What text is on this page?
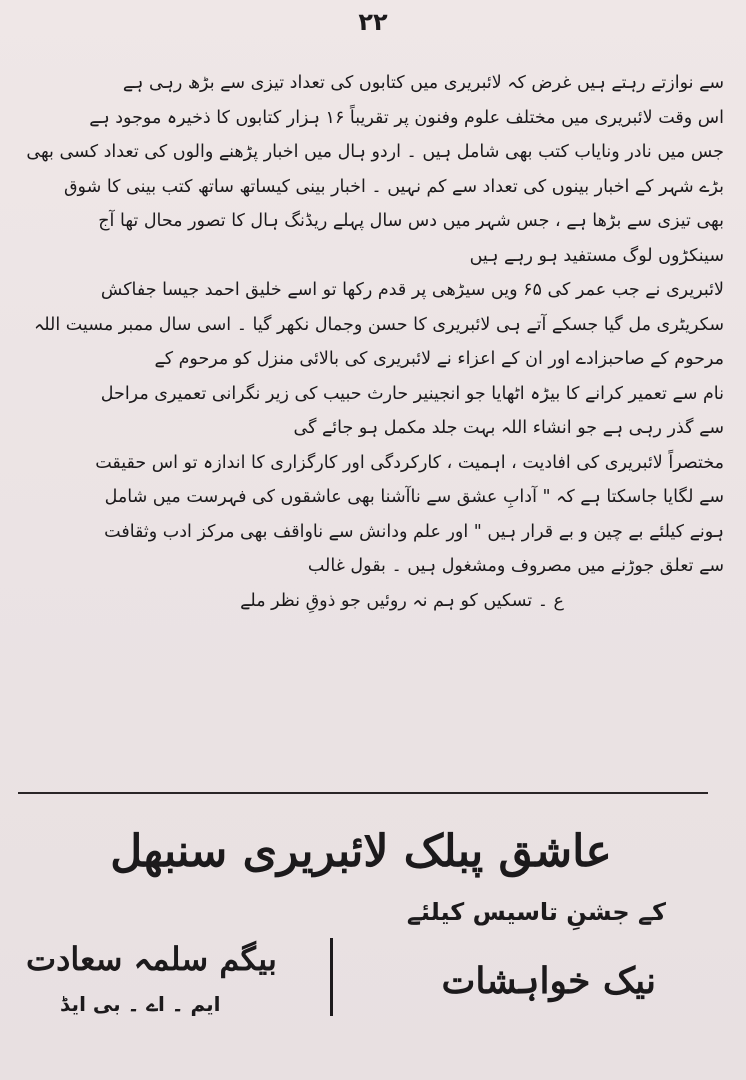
۲۲
سے نوازتے رہتے ہیں غرض کہ لائبریری میں کتابوں کی تعداد تیزی سے بڑھ رہی ہے
اس وقت لائبریری میں مختلف علوم وفنون پر تقریباً ۱۶ ہزار کتابوں کا ذخیرہ موجود ہے
جس میں نادر ونایاب کتب بھی شامل ہیں ۔ اردو ہال میں اخبار پڑھنے والوں کی تعداد کسی بھی
بڑے شہر کے اخبار بینوں کی تعداد سے کم نہیں ۔ اخبار بینی کیساتھ ساتھ کتب بینی کا شوق
بھی تیزی سے بڑھا ہے ، جس شہر میں دس سال پہلے ریڈنگ ہال کا تصور محال تھا آج
سینکڑوں لوگ مستفید ہو رہے ہیں
لائبریری نے جب عمر کی ۶۵ ویں سیڑھی پر قدم رکھا تو اسے خلیق احمد جیسا جفاکش
سکریٹری مل گیا جسکے آتے ہی لائبریری کا حسن وجمال نکھر گیا ۔ اسی سال ممبر مسیت اللہ
مرحوم کے صاحبزادے اور ان کے اعزاء نے لائبریری کی بالائی منزل کو مرحوم کے
نام سے تعمیر کرانے کا بیڑہ اٹھایا جو انجینیر حارث حبیب کی زیر نگرانی تعمیری مراحل
سے گذر رہی ہے جو انشاء اللہ بہت جلد مکمل ہو جائے گی
مختصراً لائبریری کی افادیت ، اہمیت ، کارکردگی اور کارگزاری کا اندازہ تو اس حقیقت
سے لگایا جاسکتا ہے کہ " آدابِ عشق سے ناآشنا بھی عاشقوں کی فہرست میں شامل
ہونے کیلئے بے چین و بے قرار ہیں " اور علم ودانش سے ناواقف بھی مرکز ادب وثقافت
سے تعلق جوڑنے میں مصروف ومشغول ہیں ۔ بقول غالب
ع ۔ تسکیں کو ہم نہ روئیں جو ذوقِ نظر ملے
عاشق پبلک لائبریری سنبھل
کے جشنِ تاسیس کیلئے
نیک خواہشات
بیگم سلمہ سعادت
ایم ۔ اے ۔ بی ایڈ
